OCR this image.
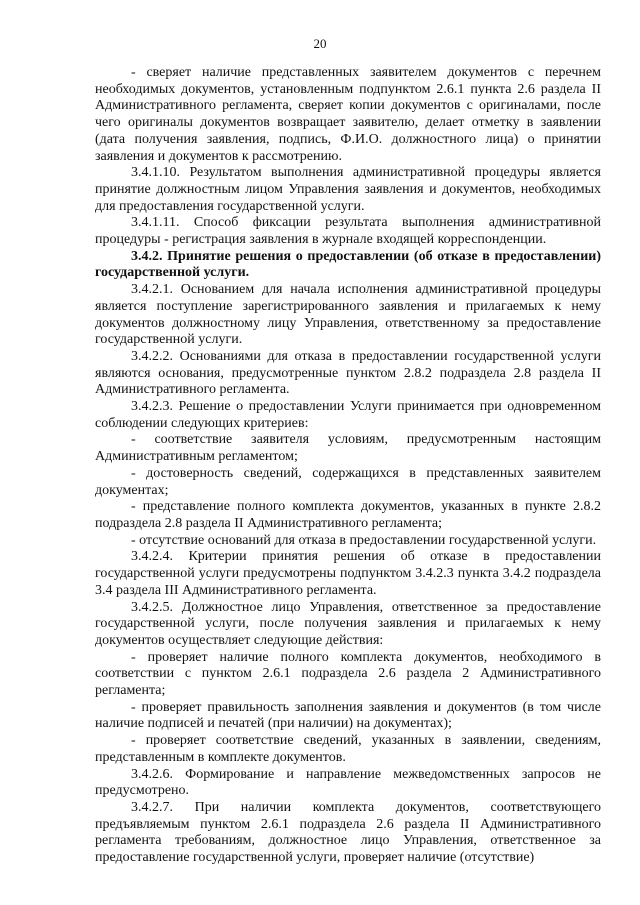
20

- сверяет наличие представленных заявителем документов с перечнем необходимых документов, установленным подпунктом 2.6.1 пункта 2.6 раздела II Административного регламента, сверяет копии документов с оригиналами, после чего оригиналы документов возвращает заявителю, делает отметку в заявлении (дата получения заявления, подпись, Ф.И.О. должностного лица) о принятии заявления и документов к рассмотрению.

3.4.1.10. Результатом выполнения административной процедуры является принятие должностным лицом Управления заявления и документов, необходимых для предоставления государственной услуги.

3.4.1.11. Способ фиксации результата выполнения административной процедуры - регистрация заявления в журнале входящей корреспонденции.

3.4.2. Принятие решения о предоставлении (об отказе в предоставлении) государственной услуги.

3.4.2.1. Основанием для начала исполнения административной процедуры является поступление зарегистрированного заявления и прилагаемых к нему документов должностному лицу Управления, ответственному за предоставление государственной услуги.

3.4.2.2. Основаниями для отказа в предоставлении государственной услуги являются основания, предусмотренные пунктом 2.8.2 подраздела 2.8 раздела II Административного регламента.

3.4.2.3. Решение о предоставлении Услуги принимается при одновременном соблюдении следующих критериев:

- соответствие заявителя условиям, предусмотренным настоящим Административным регламентом;

- достоверность сведений, содержащихся в представленных заявителем документах;

- представление полного комплекта документов, указанных в пункте 2.8.2 подраздела 2.8 раздела II Административного регламента;

- отсутствие оснований для отказа в предоставлении государственной услуги.

3.4.2.4. Критерии принятия решения об отказе в предоставлении государственной услуги предусмотрены подпунктом 3.4.2.3 пункта 3.4.2 подраздела 3.4 раздела III Административного регламента.

3.4.2.5. Должностное лицо Управления, ответственное за предоставление государственной услуги, после получения заявления и прилагаемых к нему документов осуществляет следующие действия:

- проверяет наличие полного комплекта документов, необходимого в соответствии с пунктом 2.6.1 подраздела 2.6 раздела 2 Административного регламента;

- проверяет правильность заполнения заявления и документов (в том числе наличие подписей и печатей (при наличии) на документах);

- проверяет соответствие сведений, указанных в заявлении, сведениям, представленным в комплекте документов.

3.4.2.6. Формирование и направление межведомственных запросов не предусмотрено.

3.4.2.7. При наличии комплекта документов, соответствующего предъявляемым пунктом 2.6.1 подраздела 2.6 раздела II Административного регламента требованиям, должностное лицо Управления, ответственное за предоставление государственной услуги, проверяет наличие (отсутствие)
